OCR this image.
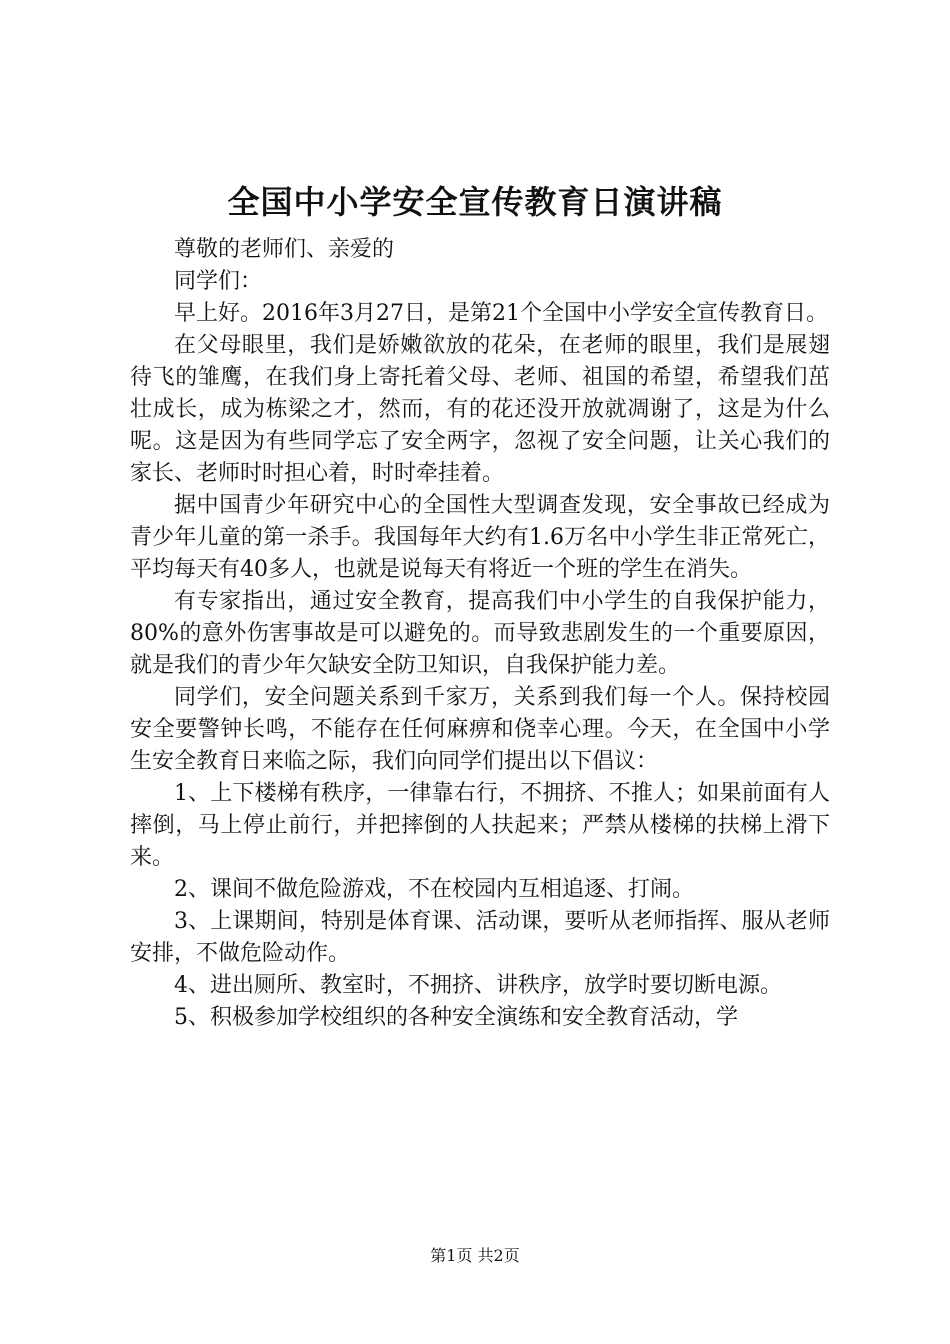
全国中小学安全宣传教育日演讲稿

尊敬的老师们、亲爱的

同学们：

早上好。2016年3月27日，是第21个全国中小学安全宣传教育日。

在父母眼里，我们是娇嫩欲放的花朵，在老师的眼里，我们是展翅待飞的雏鹰，在我们身上寄托着父母、老师、祖国的希望，希望我们茁壮成长，成为栋梁之才，然而，有的花还没开放就凋谢了，这是为什么呢。这是因为有些同学忘了安全两字，忽视了安全问题，让关心我们的家长、老师时时担心着，时时牵挂着。

据中国青少年研究中心的全国性大型调查发现，安全事故已经成为青少年儿童的第一杀手。我国每年大约有1.6万名中小学生非正常死亡，平均每天有40多人，也就是说每天有将近一个班的学生在消失。

有专家指出，通过安全教育，提高我们中小学生的自我保护能力，80%的意外伤害事故是可以避免的。而导致悲剧发生的一个重要原因，就是我们的青少年欠缺安全防卫知识，自我保护能力差。

同学们，安全问题关系到千家万，关系到我们每一个人。保持校园安全要警钟长鸣，不能存在任何麻痹和侥幸心理。今天，在全国中小学生安全教育日来临之际，我们向同学们提出以下倡议：

1、上下楼梯有秩序，一律靠右行，不拥挤、不推人；如果前面有人摔倒，马上停止前行，并把摔倒的人扶起来；严禁从楼梯的扶梯上滑下来。

2、课间不做危险游戏，不在校园内互相追逐、打闹。

3、上课期间，特别是体育课、活动课，要听从老师指挥、服从老师安排，不做危险动作。

4、进出厕所、教室时，不拥挤、讲秩序，放学时要切断电源。

5、积极参加学校组织的各种安全演练和安全教育活动，学

第1页 共2页
